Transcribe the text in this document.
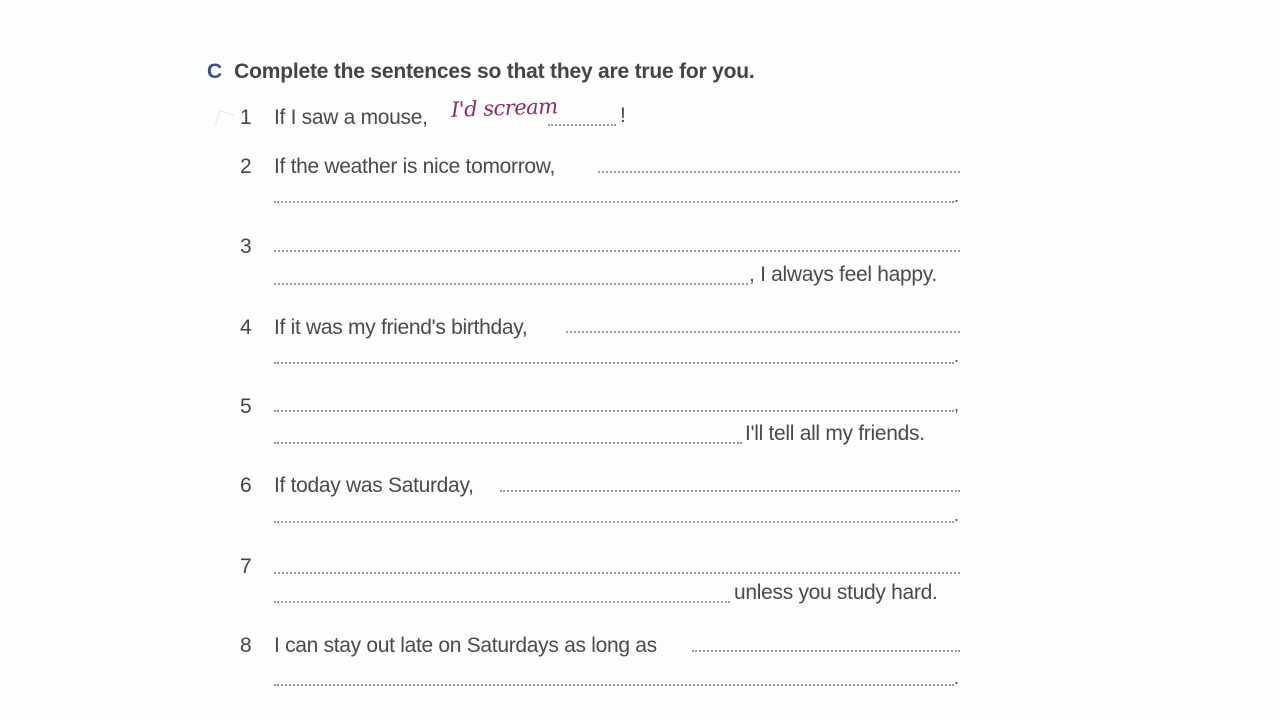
C Complete the sentences so that they are true for you.
1 If I saw a mouse, I'd scream	!
2 If the weather is nice tomorrow,
.
3
, I always feel happy.
4 If it was my friend's birthday,
.
5	,
I'll tell all my friends.
6 If today was Saturday,
.
7
unless you study hard.
8 I can stay out late on Saturdays as long as
.
